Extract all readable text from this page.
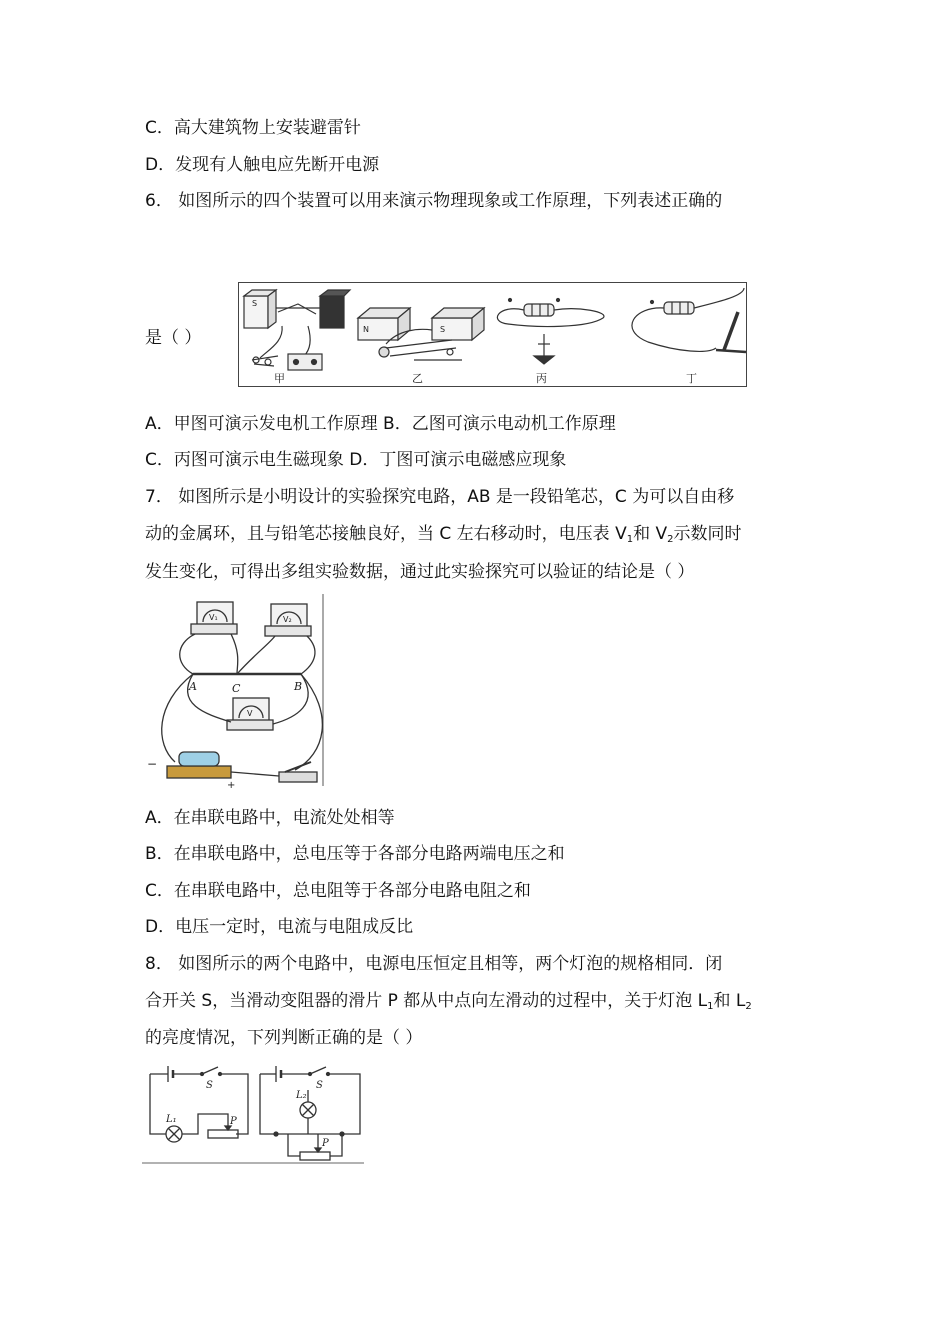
C．高大建筑物上安装避雷针
D．发现有人触电应先断开电源
6． 如图所示的四个装置可以用来演示物理现象或工作原理，下列表述正确的
是（ ）
S
甲
N	S
乙	丙	丁
A．甲图可演示发电机工作原理 B．乙图可演示电动机工作原理
C．丙图可演示电生磁现象 D．丁图可演示电磁感应现象
7． 如图所示是小明设计的实验探究电路，AB 是一段铅笔芯，C 为可以自由移
动的金属环，且与铅笔芯接触良好，当 C 左右移动时，电压表 $V_1$和 $V_2$示数同时
发生变化，可得出多组实验数据，通过此实验探究可以验证的结论是（ ）
A	C	B
V₁	V₂
V
−
+
A．在串联电路中，电流处处相等
B．在串联电路中，总电压等于各部分电路两端电压之和
C．在串联电路中，总电阻等于各部分电路电阻之和
D．电压一定时，电流与电阻成反比
8． 如图所示的两个电路中，电源电压恒定且相等，两个灯泡的规格相同．闭
合开关 S，当滑动变阻器的滑片 P 都从中点向左滑动的过程中，关于灯泡 $L_1$和 $L_2$
的亮度情况，下列判断正确的是（ ）
S	S
L₁
L₂
P
P
